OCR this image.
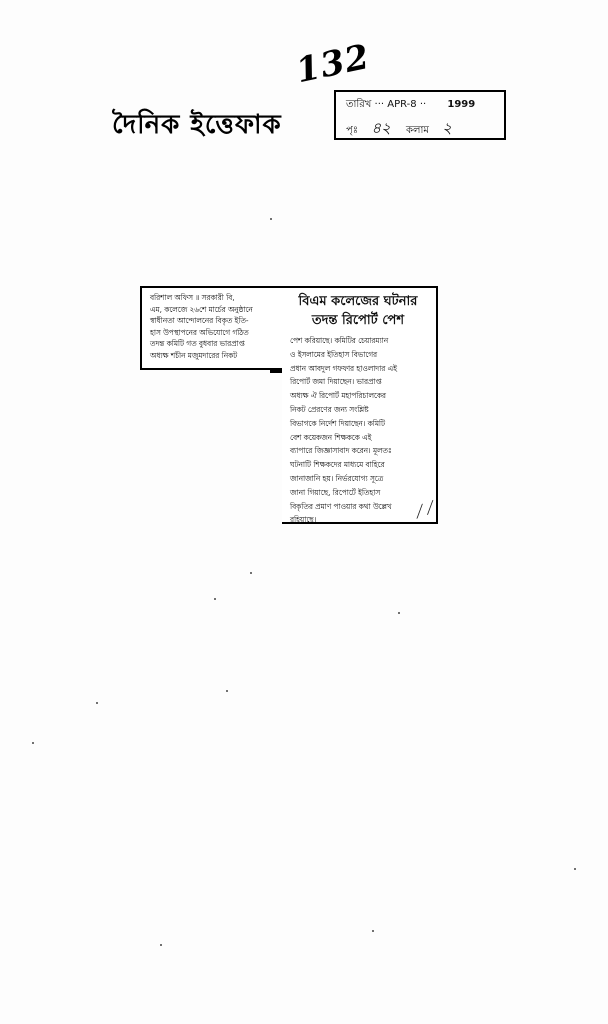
132
দৈনিক ইত্তেফাক
তারিখ ··· APR-8 ·· 1999
পৃঃ ৪২ কলাম ২
বরিশাল অফিস ॥ সরকারী বি,
এম, কলেজে ২৬শে মার্চের অনুষ্ঠানে
স্বাধীনতা আন্দোলনের বিকৃত ইতি-
হাস উপস্থাপনের অভিযোগে গঠিত
তদন্ত কমিটি গত বুধবার ভারপ্রাপ্ত
অধ্যক্ষ শচীন মজুমদারের নিকট
বিএম কলেজের ঘটনার
তদন্ত রিপোর্ট পেশ
পেশ করিয়াছে। কমিটির চেয়ারম্যান
ও ইসলামের ইতিহাস বিভাগের
প্রধান আবদুল গফফার হাওলাদার এই
রিপোর্ট জমা দিয়াছেন। ভারপ্রাপ্ত
অধ্যক্ষ ঐ রিপোর্ট মহাপরিচালকের
নিকট প্রেরণের জন্য সংশ্লিষ্ট
বিভাগকে নির্দেশ দিয়াছেন। কমিটি
বেশ কয়েকজন শিক্ষককে এই
ব্যাপারে জিজ্ঞাসাবাদ করেন। মূলতঃ
ঘটনাটি শিক্ষকদের মাধ্যমে বাহিরে
জানাজানি হয়। নির্ভরযোগ্য সূত্রে
জানা গিয়াছে, রিপোর্টে ইতিহাস
বিকৃতির প্রমাণ পাওয়ার কথা উল্লেখ
রহিয়াছে।	⟋⟋
